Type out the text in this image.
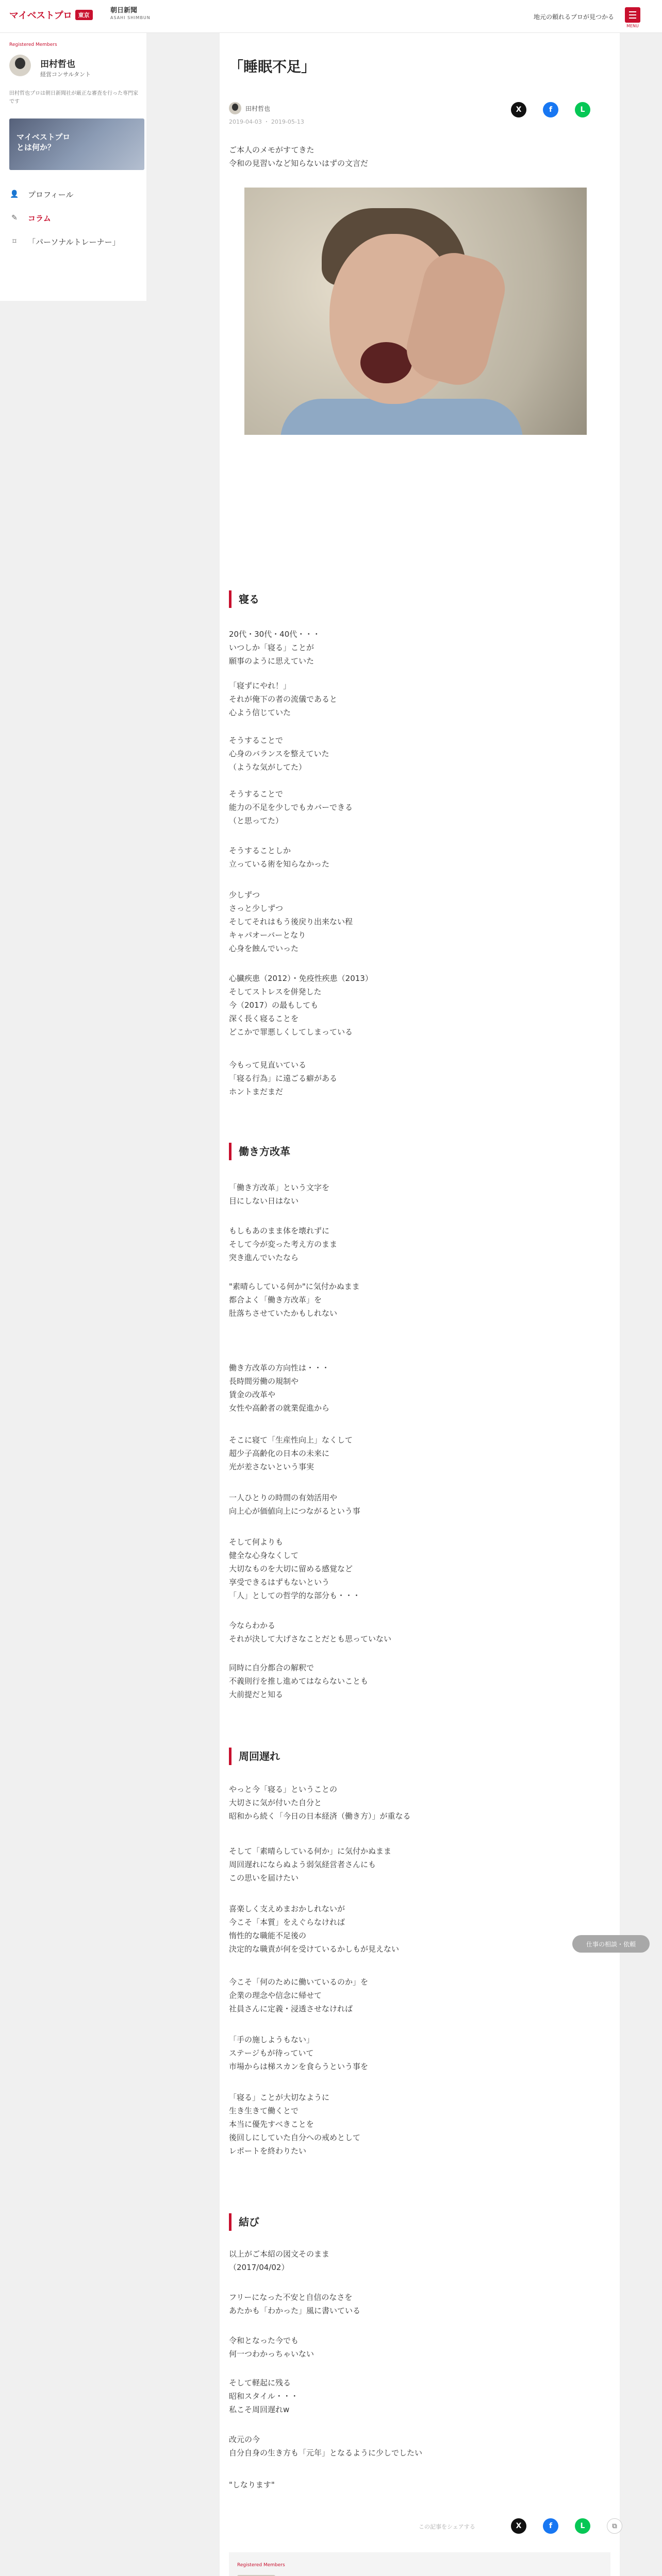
マイベストプロ	東京
朝日新聞
ASAHI SHIMBUN	地元の頼れるプロが見つかる
MENU
Registered Members
田村哲也
経営コンサルタント
田村哲也プロは朝日新聞社が厳正な審査を行った専門家です
マイベストプロ
とは何か？
👤 プロフィール
✎ コラム
⌑	「パーソナルトレーナー」
「睡眠不足」
田村哲也
2019-04-03 ・ 2019-05-13
X	f	L
ご本人のメモがすてきた
令和の見習いなど知らないはずの文言だ
寝る

20代・30代・40代・・・
いつしか「寝る」ことが
願事のように思えていた

「寝ずにやれ！」
それが俺下の者の流儀であると
心よう信じていた

そうすることで
心身のバランスを整えていた
（ような気がしてた）

そうすることで
能力の不足を少しでもカバーできる
（と思ってた）

そうすることしか
立っている術を知らなかった

少しずつ
さっと少しずつ
そしてそれはもう後戻り出来ない程
キャパオーバーとなり
心身を蝕んでいった

心臓疾患（2012）・免疫性疾患（2013）
そしてストレスを併発した
今（2017）の最もしても
深く長く寝ることを
どこかで罪悪しくしてしまっている

今もって見直いている
「寝る行為」に遠ごる癖がある
ホントまだまだ

働き方改革

「働き方改革」という文字を
目にしない日はない

もしもあのまま体を壊れずに
そして今が変った考え方のまま
突き進んでいたなら

"素晴らしている何か"に気付かぬまま
都合よく「働き方改革」を
肚落ちさせていたかもしれない

働き方改革の方向性は・・・
長時間労働の規制や
賃金の改革や
女性や高齢者の就業促進から

そこに寝て「生産性向上」なくして
超少子高齢化の日本の未来に
光が差さないという事実

一人ひとりの時間の有効活用や
向上心が価値向上につながるという事

そして何よりも
健全な心身なくして
大切なものを大切に留める感覚など
享受できるはずもないという
「人」としての哲学的な部分も・・・

今ならわかる
それが決して大げさなことだとも思っていない

同時に自分都合の解釈で
不義則行を推し進めてはならないことも
大前提だと知る

周回遅れ

やっと今「寝る」ということの
大切さに気が付いた自分と
昭和から続く「今日の日本経済（働き方）」が重なる

そして「素晴らしている何か」に気付かぬまま
周回遅れにならぬよう弱気経営者さんにも
この思いを届けたい

喜楽しく支えめまおかしれないが
今こそ「本質」をえぐらなければ
惰性的な職能不足後の
決定的な職責が何を受けているかしもが見えない

今こそ「何のために働いているのか」を
企業の理念や信念に帰せて
社員さんに定義・浸透させなければ

「手の施しようもない」
ステージもが待っていて
市場からは梯スカンを食らうという事を

「寝る」ことが大切なように
生き生きて働くとで
本当に優先すべきことを
後回しにしていた自分への戒めとして
レポートを終わりたい

結び

以上がご本紹の図文そのまま
（2017/04/02）

フリーになった不安と自信のなさを
あたかも「わかった」風に書いている

令和となった今でも
何一つわかっちゃいない

そして軽起に残る
昭和スタイル・・・
私こそ周回遅れw

改元の今
自分自身の生き方も「元年」となるように少しでしたい

"しなります"

この記事をシェアする	X	f	L	⧉
Registered Members

仕事の相談・依頼
